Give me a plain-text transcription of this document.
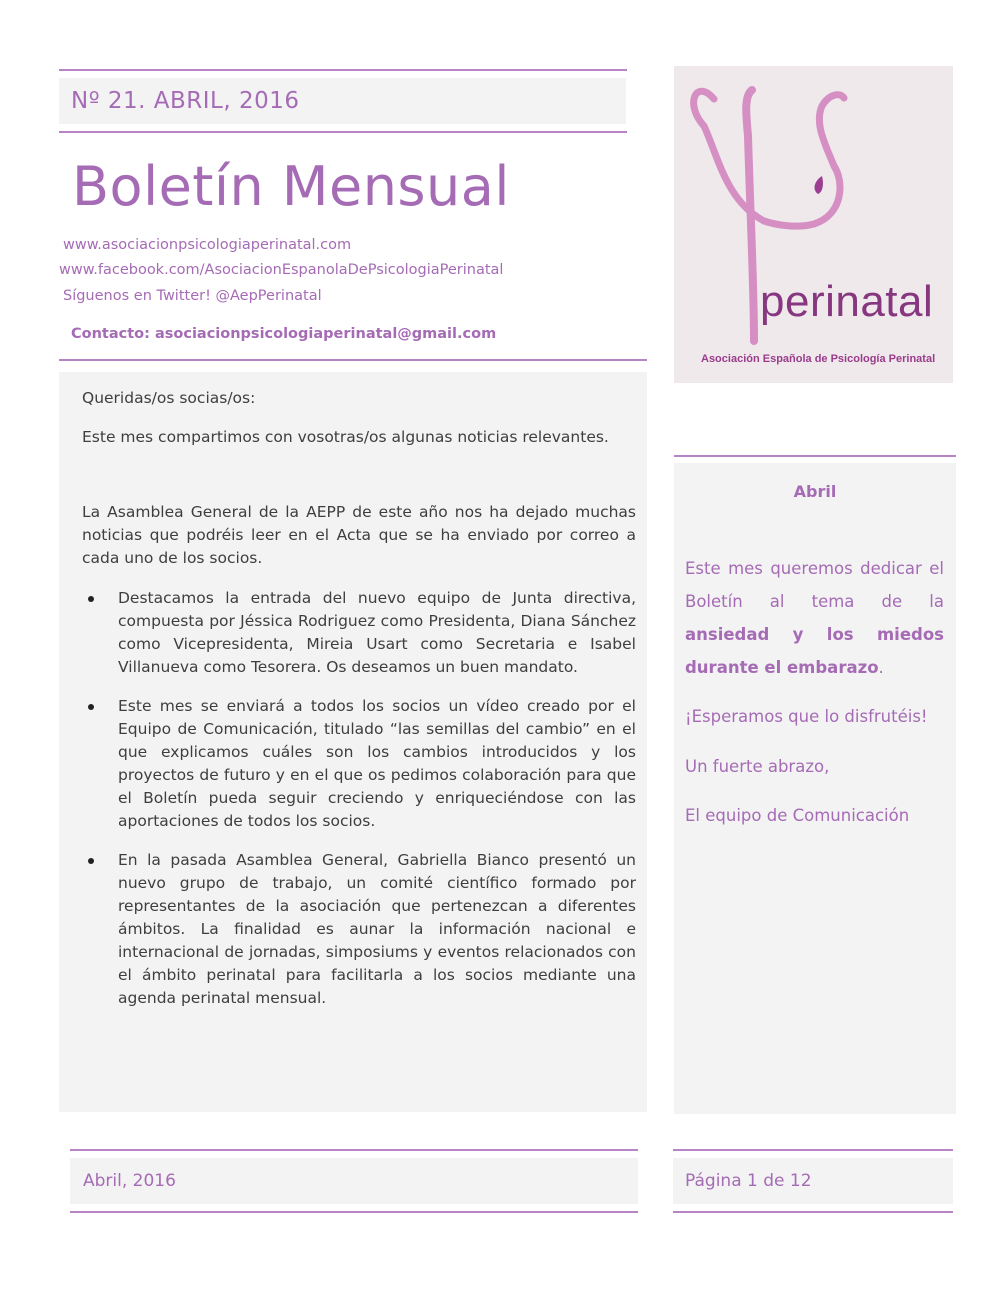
Nº 21. ABRIL, 2016
Boletín Mensual
www.asociacionpsicologiaperinatal.com
www.facebook.com/AsociacionEspanolaDePsicologiaPerinatal
Síguenos en Twitter! @AepPerinatal
Contacto: asociacionpsicologiaperinatal@gmail.com
perinatal
Asociación Española de Psicología Perinatal
Queridas/os socias/os:
Este mes compartimos con vosotras/os algunas noticias relevantes.
La Asamblea General de la AEPP de este año nos ha dejado muchas noticias que podréis leer en el Acta que se ha enviado por correo a cada uno de los socios.
Destacamos la entrada del nuevo equipo de Junta directiva, compuesta por Jéssica Rodriguez como Presidenta, Diana Sánchez como Vicepresidenta, Mireia Usart como Secretaria e Isabel Villanueva como Tesorera. Os deseamos un buen mandato.
Este mes se enviará a todos los socios un vídeo creado por el Equipo de Comunicación, titulado “las semillas del cambio” en el que explicamos cuáles son los cambios introducidos y los proyectos de futuro y en el que os pedimos colaboración para que el Boletín pueda seguir creciendo y enriqueciéndose con las aportaciones de todos los socios.
En la pasada Asamblea General, Gabriella Bianco presentó un nuevo grupo de trabajo, un comité científico formado por representantes de la asociación que pertenezcan a diferentes ámbitos. La finalidad es aunar la información nacional e internacional de jornadas, simposiums y eventos relacionados con el ámbito perinatal para facilitarla a los socios mediante una agenda perinatal mensual.
Abril
Este mes queremos dedicar el Boletín al tema de la ansiedad y los miedos durante el embarazo.
¡Esperamos que lo disfrutéis!
Un fuerte abrazo,
El equipo de Comunicación
Abril, 2016	Página 1 de 12
